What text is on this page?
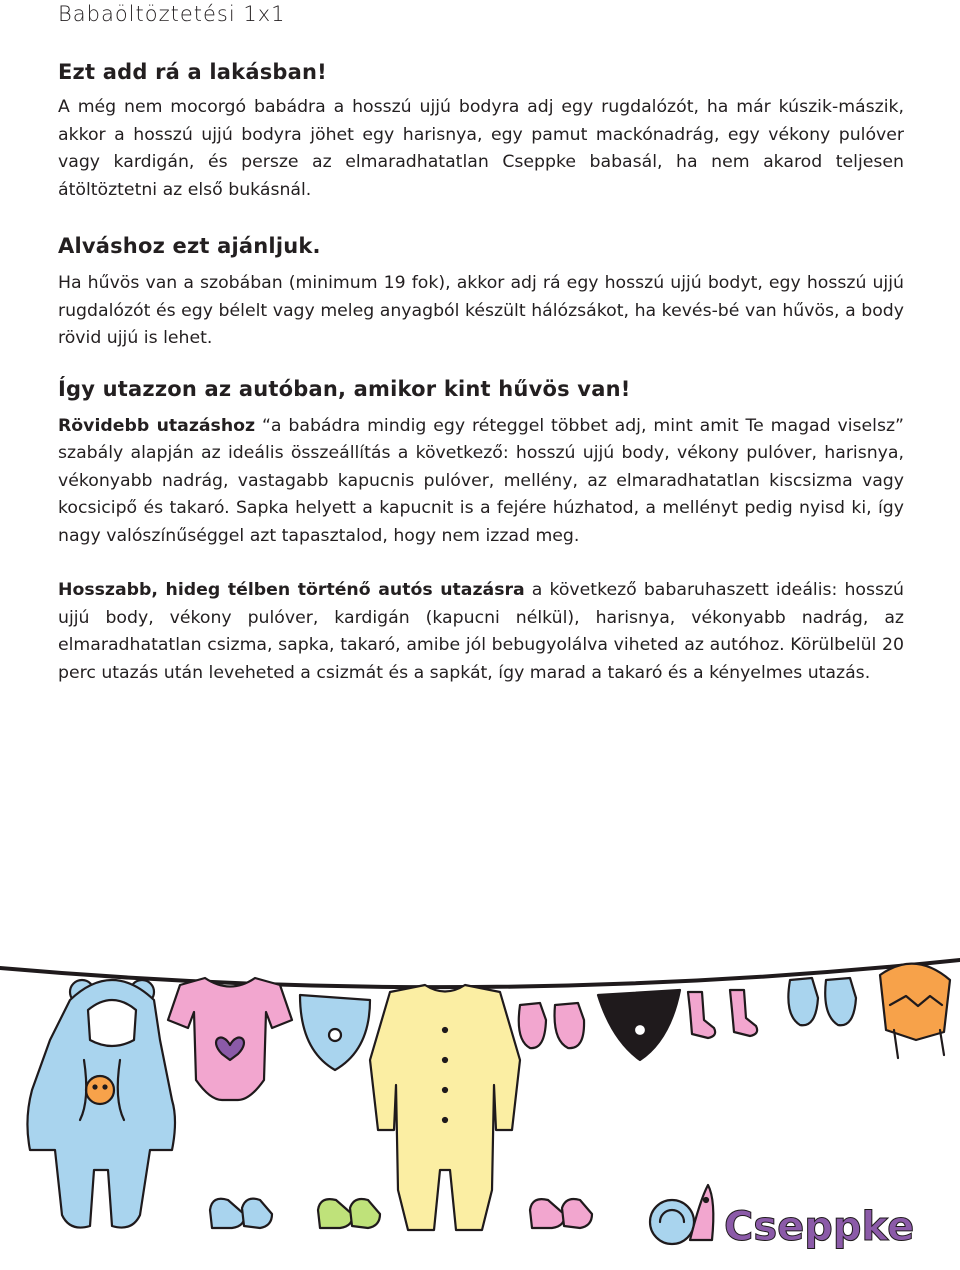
Babaöltöztetési 1x1
Ezt add rá a lakásban!

A még nem mocorgó babádra a hosszú ujjú bodyra adj egy rugdalózót, ha már kúszik-mászik, akkor a hosszú ujjú bodyra jöhet egy harisnya, egy pamut mackónadrág, egy vékony pulóver vagy kardigán, és persze az elmaradhatatlan Cseppke babasál, ha nem akarod teljesen átöltöztetni az első bukásnál.

Alváshoz ezt ajánljuk.

Ha hűvös van a szobában (minimum 19 fok), akkor adj rá egy hosszú ujjú bodyt, egy hosszú ujjú rugdalózót és egy bélelt vagy meleg anyagból készült hálózsákot, ha kevés-bé van hűvös, a body rövid ujjú is lehet.

Így utazzon az autóban, amikor kint hűvös van!

Rövidebb utazáshoz “a babádra mindig egy réteggel többet adj, mint amit Te magad viselsz” szabály alapján az ideális összeállítás a következő: hosszú ujjú body, vékony pulóver, harisnya, vékonyabb nadrág, vastagabb kapucnis pulóver, mellény, az elmaradhatatlan kiscsizma vagy kocsicipő és takaró. Sapka helyett a kapucnit is a fejére húzhatod, a mellényt pedig nyisd ki, így nagy valószínűséggel azt tapasztalod, hogy nem izzad meg.

Hosszabb, hideg télben történő autós utazásra a következő babaruhaszett ideális: hosszú ujjú body, vékony pulóver, kardigán (kapucni nélkül), harisnya, vékonyabb nadrág, az elmaradhatatlan csizma, sapka, takaró, amibe jól bebugyolálva viheted az autóhoz. Körülbelül 20 perc utazás után leveheted a csizmát és a sapkát, így marad a takaró és a kényelmes utazás.

Cseppke
